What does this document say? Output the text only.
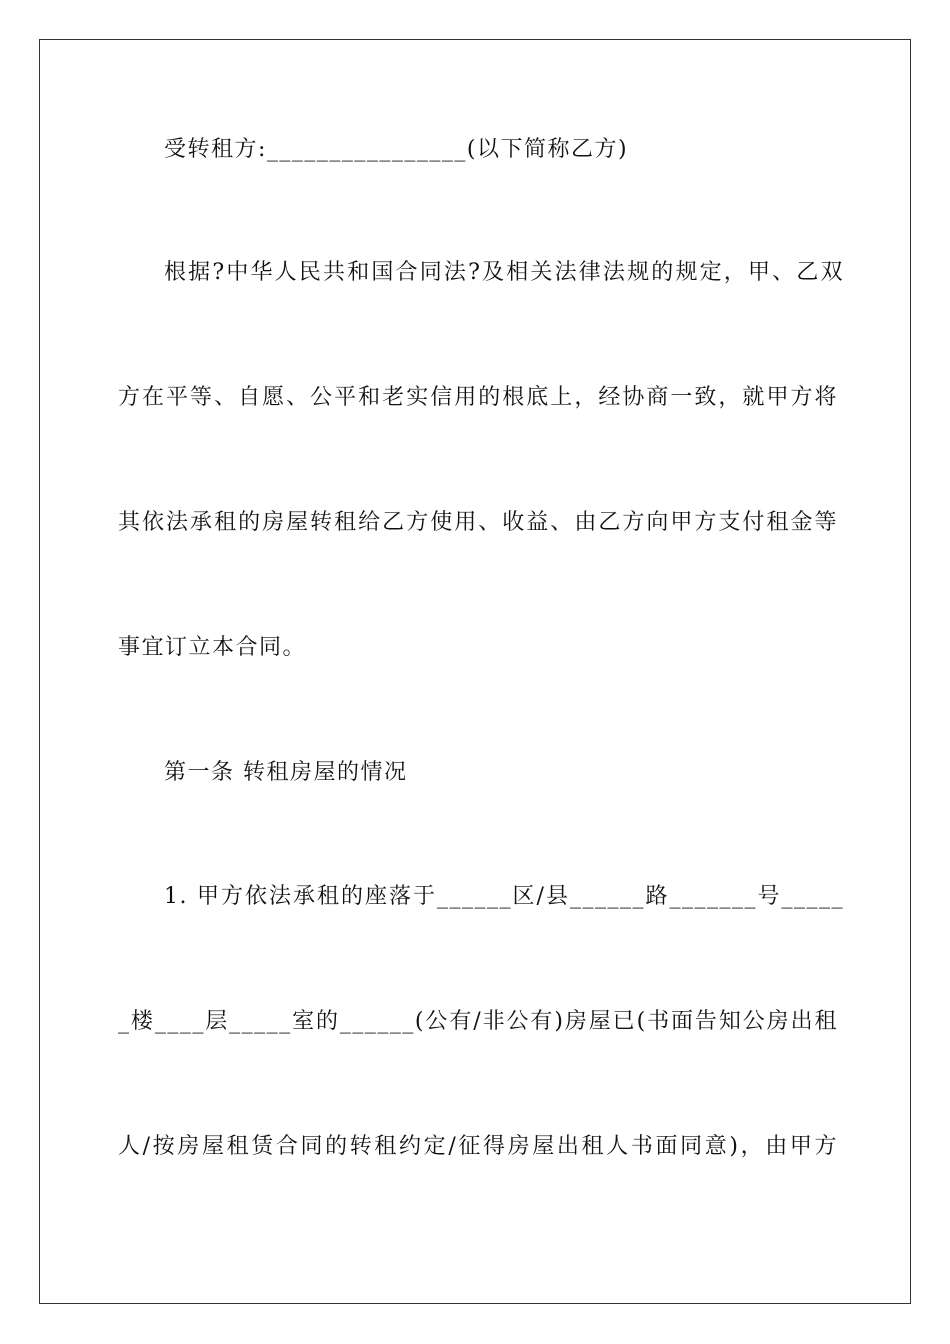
受转租方:________________(以下简称乙方)
根据?中华人民共和国合同法?及相关法律法规的规定，甲、乙双
方在平等、自愿、公平和老实信用的根底上，经协商一致，就甲方将
其依法承租的房屋转租给乙方使用、收益、由乙方向甲方支付租金等
事宜订立本合同。
第一条 转租房屋的情况
1. 甲方依法承租的座落于______区/县______路_______号_____
_楼____层_____室的______(公有/非公有)房屋已(书面告知公房出租
人/按房屋租赁合同的转租约定/征得房屋出租人书面同意)，由甲方
